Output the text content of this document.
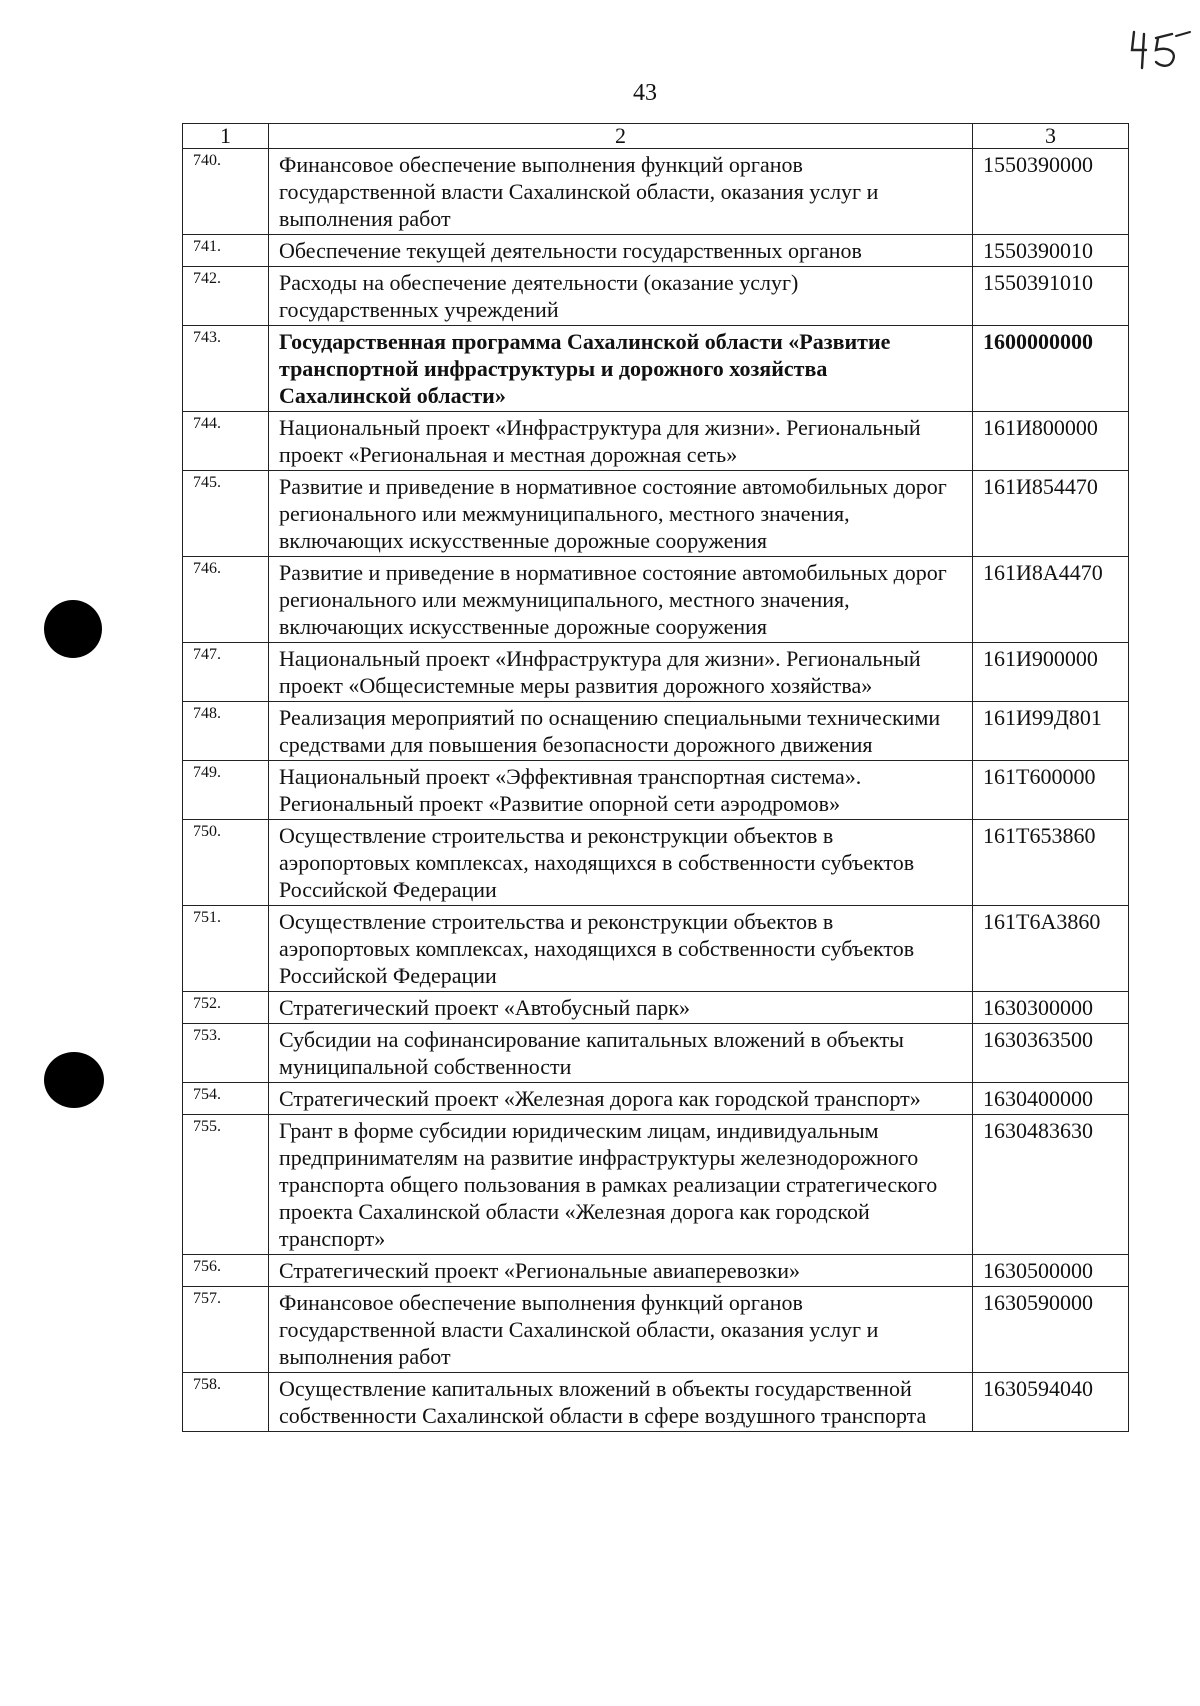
43
1	2	3
740.	Финансовое обеспечение выполнения функций органов государственной власти Сахалинской области, оказания услуг и выполнения работ	1550390000
741.	Обеспечение текущей деятельности государственных органов	1550390010
742.	Расходы на обеспечение деятельности (оказание услуг) государственных учреждений	1550391010
743.	Государственная программа Сахалинской области «Развитие транспортной инфраструктуры и дорожного хозяйства Сахалинской области»	1600000000
744.	Национальный проект «Инфраструктура для жизни». Региональный проект «Региональная и местная дорожная сеть»	161И800000
745.	Развитие и приведение в нормативное состояние автомобильных дорог регионального или межмуниципального, местного значения, включающих искусственные дорожные сооружения	161И854470
746.	Развитие и приведение в нормативное состояние автомобильных дорог регионального или межмуниципального, местного значения, включающих искусственные дорожные сооружения	161И8А4470
747.	Национальный проект «Инфраструктура для жизни». Региональный проект «Общесистемные меры развития дорожного хозяйства»	161И900000
748.	Реализация мероприятий по оснащению специальными техническими средствами для повышения безопасности дорожного движения	161И99Д801
749.	Национальный проект «Эффективная транспортная система». Региональный проект «Развитие опорной сети аэродромов»	161Т600000
750.	Осуществление строительства и реконструкции объектов в аэропортовых комплексах, находящихся в собственности субъектов Российской Федерации	161Т653860
751.	Осуществление строительства и реконструкции объектов в аэропортовых комплексах, находящихся в собственности субъектов Российской Федерации	161Т6А3860
752.	Стратегический проект «Автобусный парк»	1630300000
753.	Субсидии на софинансирование капитальных вложений в объекты муниципальной собственности	1630363500
754.	Стратегический проект «Железная дорога как городской транспорт»	1630400000
755.	Грант в форме субсидии юридическим лицам, индивидуальным предпринимателям на развитие инфраструктуры железнодорожного транспорта общего пользования в рамках реализации стратегического проекта Сахалинской области «Железная дорога как городской транспорт»	1630483630
756.	Стратегический проект «Региональные авиаперевозки»	1630500000
757.	Финансовое обеспечение выполнения функций органов государственной власти Сахалинской области, оказания услуг и выполнения работ	1630590000
758.	Осуществление капитальных вложений в объекты государственной собственности Сахалинской области в сфере воздушного транспорта	1630594040
